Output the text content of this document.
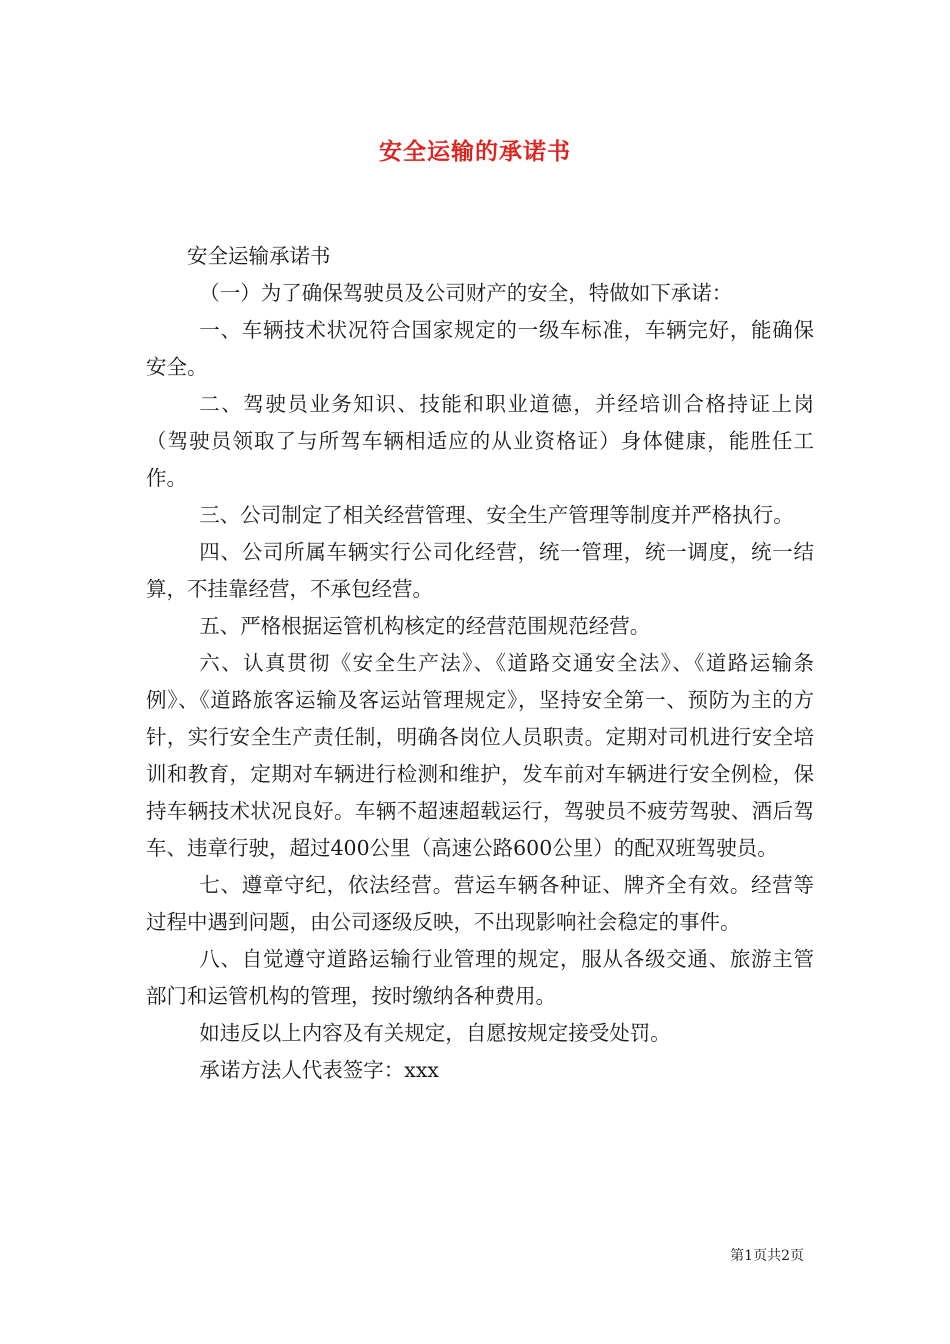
安全运输的承诺书

安全运输承诺书

（一）为了确保驾驶员及公司财产的安全，特做如下承诺：

一、车辆技术状况符合国家规定的一级车标准，车辆完好，能确保安全。

二、驾驶员业务知识、技能和职业道德，并经培训合格持证上岗（驾驶员领取了与所驾车辆相适应的从业资格证）身体健康，能胜任工作。

三、公司制定了相关经营管理、安全生产管理等制度并严格执行。

四、公司所属车辆实行公司化经营，统一管理，统一调度，统一结算，不挂靠经营，不承包经营。

五、严格根据运管机构核定的经营范围规范经营。

六、认真贯彻《安全生产法》、《道路交通安全法》、《道路运输条例》、《道路旅客运输及客运站管理规定》，坚持安全第一、预防为主的方针，实行安全生产责任制，明确各岗位人员职责。定期对司机进行安全培训和教育，定期对车辆进行检测和维护，发车前对车辆进行安全例检，保持车辆技术状况良好。车辆不超速超载运行，驾驶员不疲劳驾驶、酒后驾车、违章行驶，超过400公里（高速公路600公里）的配双班驾驶员。

七、遵章守纪，依法经营。营运车辆各种证、牌齐全有效。经营等过程中遇到问题，由公司逐级反映，不出现影响社会稳定的事件。

八、自觉遵守道路运输行业管理的规定，服从各级交通、旅游主管部门和运管机构的管理，按时缴纳各种费用。

如违反以上内容及有关规定，自愿按规定接受处罚。

承诺方法人代表签字：xxx

第1页共2页
